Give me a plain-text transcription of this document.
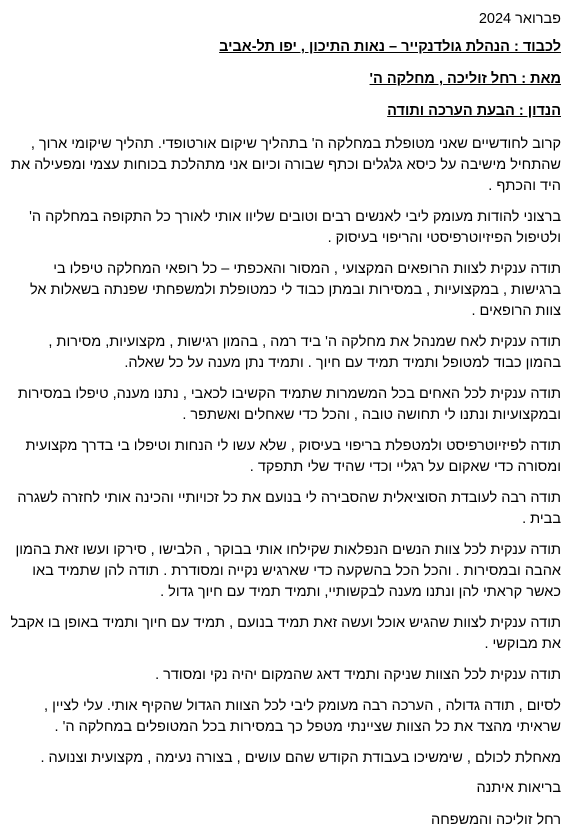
פברואר 2024
לכבוד : הנהלת גולדנקייר – נאות התיכון , יפו תל-אביב
מאת : רחל זוליכה , מחלקה ה'
הנדון : הבעת הערכה ותודה
קרוב לחודשיים שאני מטופלת במחלקה ה' בתהליך שיקום אורטופדי. תהליך שיקומי ארוך , שהתחיל מישיבה על כיסא גלגלים וכתף שבורה וכיום אני מתהלכת בכוחות עצמי ומפעילה את היד והכתף .
ברצוני להודות מעומק ליבי לאנשים רבים וטובים שליוו אותי לאורך כל התקופה במחלקה ה' ולטיפול הפיזיוטרפיסטי והריפוי בעיסוק .
תודה ענקית לצוות הרופאים המקצועי , המסור והאכפתי – כל רופאי המחלקה טיפלו בי ברגישות , במקצועיות , במסירות ובמתן כבוד לי כמטופלת ולמשפחתי שפנתה בשאלות אל צוות הרופאים .
תודה ענקית לאח שמנהל את מחלקה ה' ביד רמה , בהמון רגישות , מקצועיות, מסירות , בהמון כבוד למטופל ותמיד תמיד עם חיוך . ותמיד נתן מענה על כל שאלה.
תודה ענקית לכל האחים בכל המשמרות שתמיד הקשיבו לכאבי , נתנו מענה, טיפלו במסירות ובמקצועיות ונתנו לי תחושה טובה , והכל כדי שאחלים ואשתפר .
תודה לפיזיוטרפיסט ולמטפלת בריפוי בעיסוק , שלא עשו לי הנחות וטיפלו בי בדרך מקצועית ומסורה כדי שאקום על רגליי וכדי שהיד שלי תתפקד .
תודה רבה לעובדת הסוציאלית שהסבירה לי בנועם את כל זכויותיי והכינה אותי לחזרה לשגרה בבית .
תודה ענקית לכל צוות הנשים הנפלאות שקילחו אותי בבוקר , הלבישו , סירקו ועשו זאת בהמון אהבה ובמסירות . והכל הכל בהשקעה כדי שארגיש נקייה ומסודרת . תודה להן שתמיד באו כאשר קראתי להן ונתנו מענה לבקשותיי, ותמיד תמיד עם חיוך גדול .
תודה ענקית לצוות שהגיש אוכל ועשה זאת תמיד בנועם , תמיד עם חיוך ותמיד באופן בו אקבל את מבוקשי .
תודה ענקית לכל הצוות שניקה ותמיד דאג שהמקום יהיה נקי ומסודר .
לסיום , תודה גדולה , הערכה רבה מעומק ליבי לכל הצוות הגדול שהקיף אותי. עלי לציין , שראיתי מהצד את כל הצוות שציינתי מטפל כך במסירות בכל המטופלים במחלקה ה' .
מאחלת לכולם , שימשיכו בעבודת הקודש שהם עושים , בצורה נעימה , מקצועית וצנועה .
בריאות איתנה
רחל זוליכה והמשפחה
